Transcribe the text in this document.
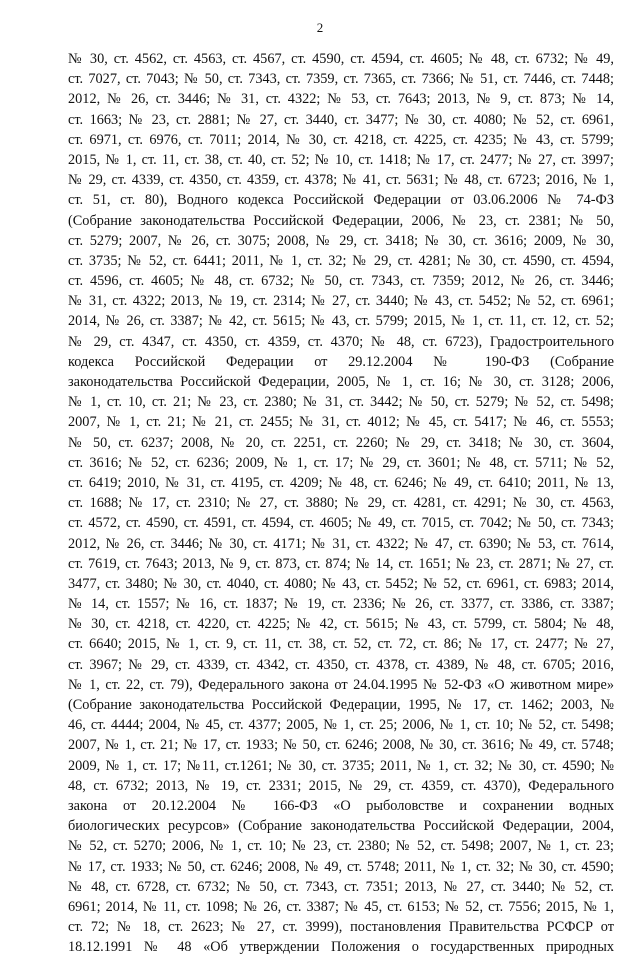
2
№ 30, ст. 4562, ст. 4563, ст. 4567, ст. 4590, ст. 4594, ст. 4605; № 48, ст. 6732; № 49,
ст. 7027, ст. 7043; № 50, ст. 7343, ст. 7359, ст. 7365, ст. 7366; № 51, ст. 7446, ст. 7448;
2012, № 26, ст. 3446; № 31, ст. 4322; № 53, ст. 7643; 2013, № 9, ст. 873; № 14,
ст. 1663; № 23, ст. 2881; № 27, ст. 3440, ст. 3477; № 30, ст. 4080; № 52, ст. 6961,
ст. 6971, ст. 6976, ст. 7011; 2014, № 30, ст. 4218, ст. 4225, ст. 4235; № 43, ст. 5799;
2015, № 1, ст. 11, ст. 38, ст. 40, ст. 52; № 10, ст. 1418; № 17, ст. 2477; № 27, ст. 3997;
№ 29, ст. 4339, ст. 4350, ст. 4359, ст. 4378; № 41, ст. 5631; № 48, ст. 6723; 2016, № 1,
ст. 51, ст. 80), Водного кодекса Российской Федерации от 03.06.2006 № 74-ФЗ
(Собрание законодательства Российской Федерации, 2006, № 23, ст. 2381; № 50,
ст. 5279; 2007, № 26, ст. 3075; 2008, № 29, ст. 3418; № 30, ст. 3616; 2009, № 30,
ст. 3735; № 52, ст. 6441; 2011, № 1, ст. 32; № 29, ст. 4281; № 30, ст. 4590, ст. 4594,
ст. 4596, ст. 4605; № 48, ст. 6732; № 50, ст. 7343, ст. 7359; 2012, № 26, ст. 3446;
№ 31, ст. 4322; 2013, № 19, ст. 2314; № 27, ст. 3440; № 43, ст. 5452; № 52, ст. 6961;
2014, № 26, ст. 3387; № 42, ст. 5615; № 43, ст. 5799; 2015, № 1, ст. 11, ст. 12, ст. 52;
№ 29, ст. 4347, ст. 4350, ст. 4359, ст. 4370; № 48, ст. 6723), Градостроительного
кодекса Российской Федерации от 29.12.2004 № 190-ФЗ (Собрание
законодательства Российской Федерации, 2005, № 1, ст. 16; № 30, ст. 3128; 2006,
№ 1, ст. 10, ст. 21; № 23, ст. 2380; № 31, ст. 3442; № 50, ст. 5279; № 52, ст. 5498;
2007, № 1, ст. 21; № 21, ст. 2455; № 31, ст. 4012; № 45, ст. 5417; № 46, ст. 5553;
№ 50, ст. 6237; 2008, № 20, ст. 2251, ст. 2260; № 29, ст. 3418; № 30, ст. 3604,
ст. 3616; № 52, ст. 6236; 2009, № 1, ст. 17; № 29, ст. 3601; № 48, ст. 5711; № 52,
ст. 6419; 2010, № 31, ст. 4195, ст. 4209; № 48, ст. 6246; № 49, ст. 6410; 2011, № 13,
ст. 1688; № 17, ст. 2310; № 27, ст. 3880; № 29, ст. 4281, ст. 4291; № 30, ст. 4563,
ст. 4572, ст. 4590, ст. 4591, ст. 4594, ст. 4605; № 49, ст. 7015, ст. 7042; № 50, ст. 7343;
2012, № 26, ст. 3446; № 30, ст. 4171; № 31, ст. 4322; № 47, ст. 6390; № 53, ст. 7614,
ст. 7619, ст. 7643; 2013, № 9, ст. 873, ст. 874; № 14, ст. 1651; № 23, ст. 2871; № 27, ст.
3477, ст. 3480; № 30, ст. 4040, ст. 4080; № 43, ст. 5452; № 52, ст. 6961, ст. 6983; 2014,
№ 14, ст. 1557; № 16, ст. 1837; № 19, ст. 2336; № 26, ст. 3377, ст. 3386, ст. 3387;
№ 30, ст. 4218, ст. 4220, ст. 4225; № 42, ст. 5615; № 43, ст. 5799, ст. 5804; № 48,
ст. 6640; 2015, № 1, ст. 9, ст. 11, ст. 38, ст. 52, ст. 72, ст. 86; № 17, ст. 2477; № 27,
ст. 3967; № 29, ст. 4339, ст. 4342, ст. 4350, ст. 4378, ст. 4389, № 48, ст. 6705; 2016,
№ 1, ст. 22, ст. 79), Федерального закона от 24.04.1995 № 52-ФЗ «О животном мире»
(Собрание законодательства Российской Федерации, 1995, № 17, ст. 1462; 2003, №
46, ст. 4444; 2004, № 45, ст. 4377; 2005, № 1, ст. 25; 2006, № 1, ст. 10; № 52, ст. 5498;
2007, № 1, ст. 21; № 17, ст. 1933; № 50, ст. 6246; 2008, № 30, ст. 3616; № 49, ст. 5748;
2009, № 1, ст. 17; №11, ст.1261; № 30, ст. 3735; 2011, № 1, ст. 32; № 30, ст. 4590; №
48, ст. 6732; 2013, № 19, ст. 2331; 2015, № 29, ст. 4359, ст. 4370), Федерального
закона от 20.12.2004 № 166-ФЗ «О рыболовстве и сохранении водных
биологических ресурсов» (Собрание законодательства Российской Федерации, 2004,
№ 52, ст. 5270; 2006, № 1, ст. 10; № 23, ст. 2380; № 52, ст. 5498; 2007, № 1, ст. 23;
№ 17, ст. 1933; № 50, ст. 6246; 2008, № 49, ст. 5748; 2011, № 1, ст. 32; № 30, ст. 4590;
№ 48, ст. 6728, ст. 6732; № 50, ст. 7343, ст. 7351; 2013, № 27, ст. 3440; № 52, ст.
6961; 2014, № 11, ст. 1098; № 26, ст. 3387; № 45, ст. 6153; № 52, ст. 7556; 2015, № 1,
ст. 72; № 18, ст. 2623; № 27, ст. 3999), постановления Правительства РСФСР от
18.12.1991 № 48 «Об утверждении Положения о государственных природных
